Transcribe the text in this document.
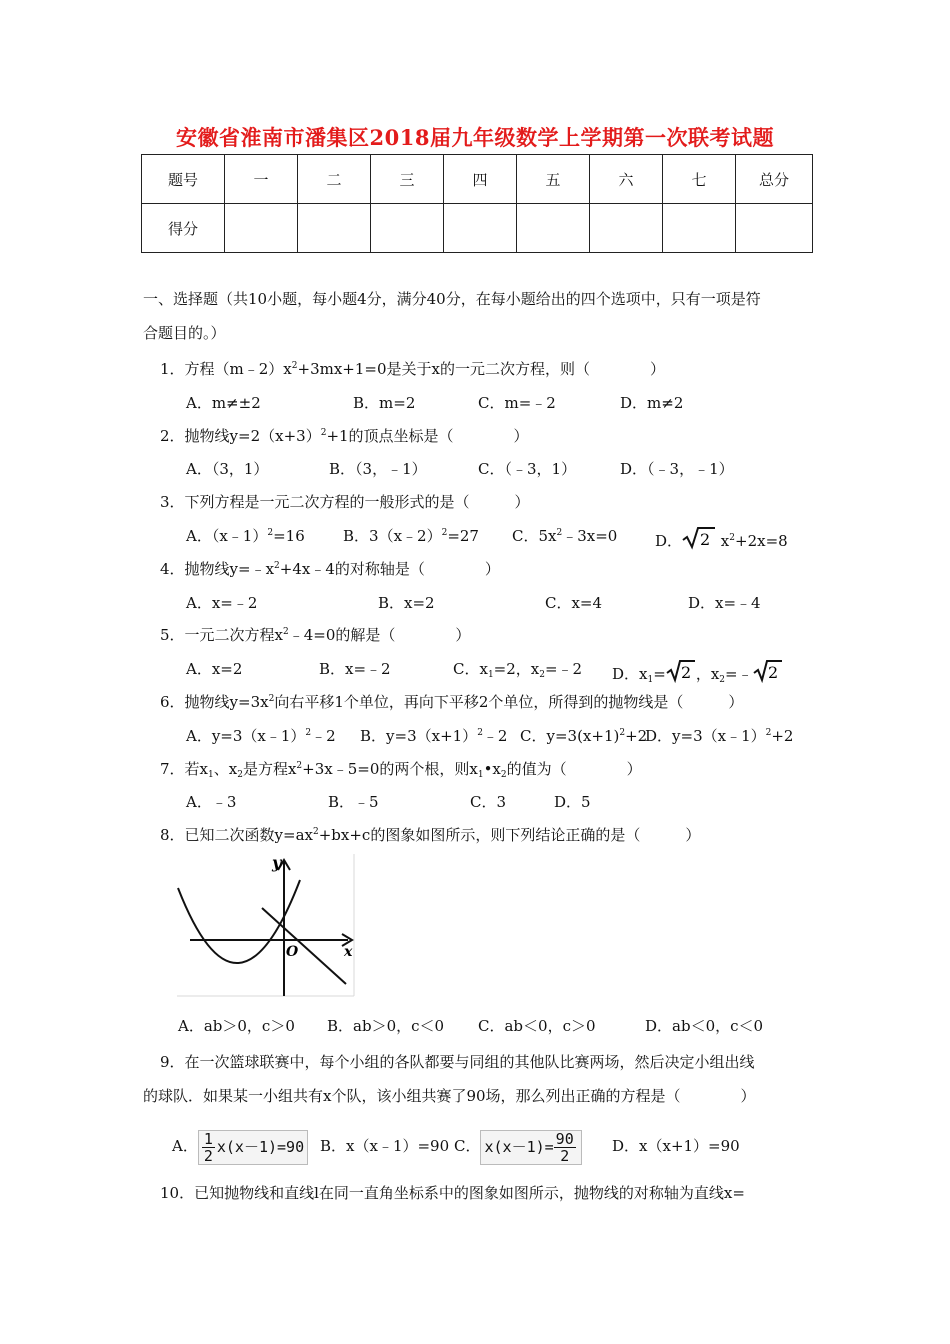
安徽省淮南市潘集区2018届九年级数学上学期第一次联考试题
题号	一	二	三	四	五	六	七	总分
得分								
一、选择题（共10小题，每小题4分，满分40分，在每小题给出的四个选项中，只有一项是符
合题目的。）
1．方程$(m﹣2)x^2+3mx+1=0$是关于x的一元二次方程，则（　　　　）
A．m≠±2	B．m=2	C．m=﹣2	D．m≠2
2．抛物线$y=2(x+3)^2+1$的顶点坐标是（　　　　）
A．（3，1）	B．（3，﹣1）	C．（﹣3，1）	D．（﹣3，﹣1）
3．下列方程是一元二次方程的一般形式的是（　　　）
A．（x﹣1）$^2$=16	B．3（x﹣2）$^2$=27 C．$5x^2﹣3x=0$	D． 2 $x^2+2x=8$
4．抛物线$y=﹣x^2+4x﹣4$的对称轴是（　　　　）
A．x=﹣2	B．x=2	C．x=4	D．x=﹣4
5．一元二次方程$x^2﹣4=0$的解是（　　　　）
A．x=2	B．x=﹣2	C．$x_1=2$，$x_2=﹣2$ D．$x_1= 2$ ，$x_2=﹣$ 2
6．抛物线$y=3x^2$向右平移1个单位，再向下平移2个单位，所得到的抛物线是（　　　）
A．y=3（x﹣1）$^2$﹣2 B．$y=3(x+1)^2﹣2$ C．$y=3(x+1)^2+2$
D．y=3（x﹣1）$^2$+2
7．若$x_1$、$x_2$是方程$x^2+3x﹣5=0$的两个根，则$x_1•x_2$的值为（　　　　）
A．﹣3	B．﹣5	C．3	D．5
8．已知二次函数$y=ax^2+bx+c$的图象如图所示，则下列结论正确的是（　　　）
y
x
O
A．ab＞0，c＞0 B．ab＞0，c＜0 C．ab＜0，c＞0	D．ab＜0，c＜0
9．在一次篮球联赛中，每个小组的各队都要与同组的其他队比赛两场，然后决定小组出线
的球队．如果某一小组共有x个队，该小组共赛了90场，那么列出正确的方程是（　　　　）
A． $\frac{1}{2} x(x-1)=90$ B．x（x﹣1）=90 C． $x(x-1)= \frac{90}{2}$ D．x（x+1）=90
10．已知抛物线和直线l在同一直角坐标系中的图象如图所示，抛物线的对称轴为直线x=
